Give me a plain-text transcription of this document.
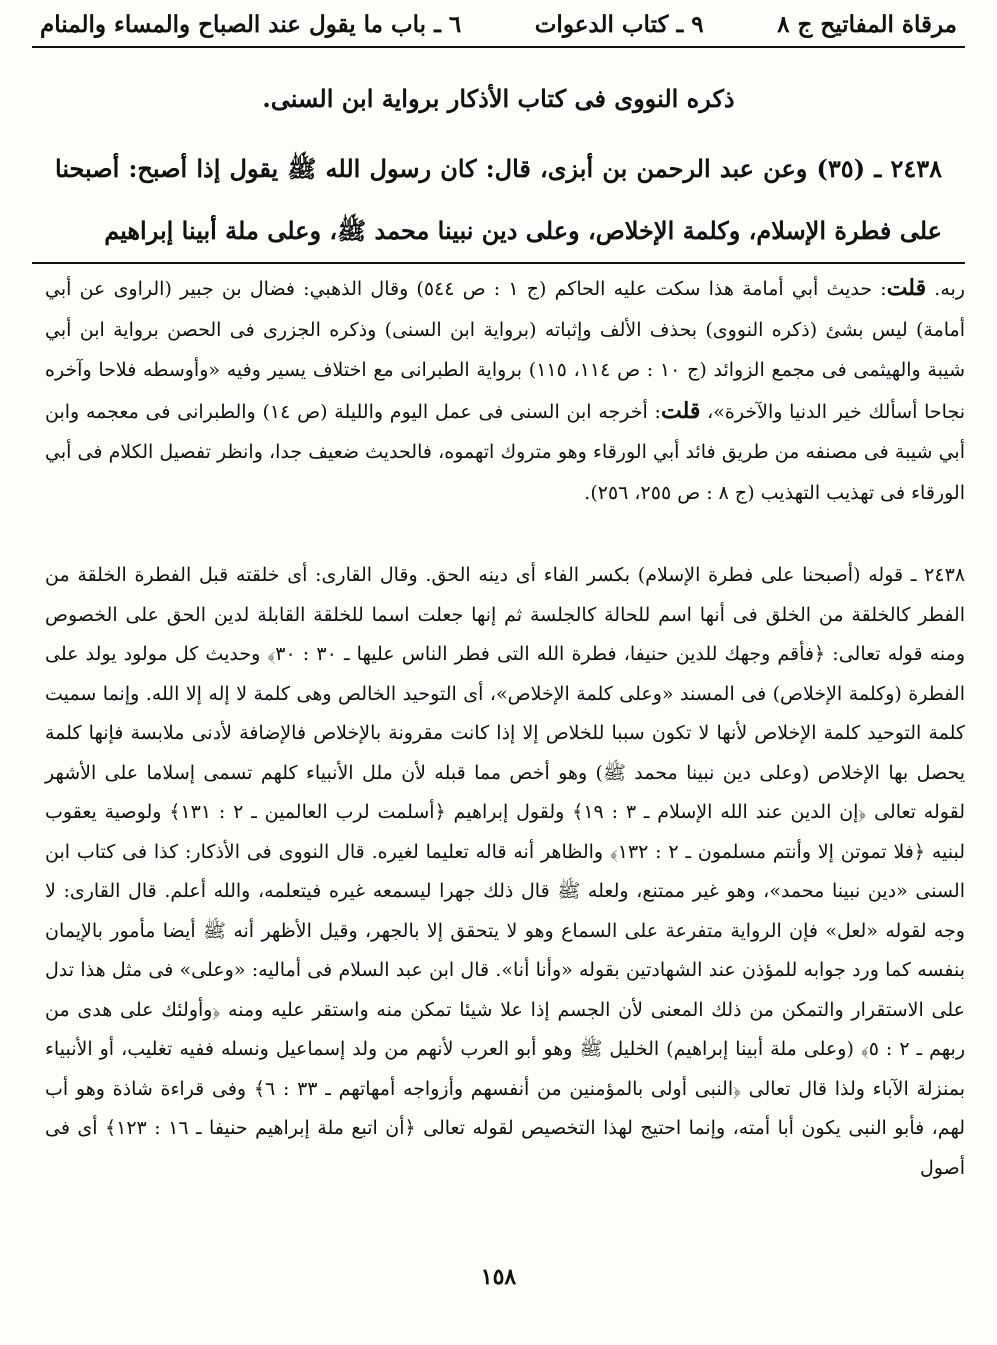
مرقاة المفاتيح ج ٨
٩ ـ كتاب الدعوات
٦ ـ باب ما يقول عند الصباح والمساء والمنام

ذكره النووى فى كتاب الأذكار برواية ابن السنى.

٢٤٣٨ ـ (٣٥) وعن عبد الرحمن بن أبزى، قال: كان رسول الله ﷺ يقول إذا أصبح: أصبحنا على فطرة الإسلام، وكلمة الإخلاص، وعلى دين نبينا محمد ﷺ، وعلى ملة أبينا إبراهيم

ربه. قلت: حديث أبي أمامة هذا سكت عليه الحاكم (ج ١ : ص ٥٤٤) وقال الذهبي: فضال بن جبير (الراوى عن أبي أمامة) ليس بشئ (ذكره النووى) بحذف الألف وإثباته (برواية ابن السنى) وذكره الجزرى فى الحصن برواية ابن أبي شيبة والهيثمى فى مجمع الزوائد (ج ١٠ : ص ١١٤، ١١٥) برواية الطبرانى مع اختلاف يسير وفيه «وأوسطه فلاحا وآخره نجاحا أسألك خير الدنيا والآخرة»، قلت: أخرجه ابن السنى فى عمل اليوم والليلة (ص ١٤) والطبرانى فى معجمه وابن أبي شيبة فى مصنفه من طريق فائد أبي الورقاء وهو متروك اتهموه، فالحديث ضعيف جدا، وانظر تفصيل الكلام فى أبي الورقاء فى تهذيب التهذيب (ج ٨ : ص ٢٥٥، ٢٥٦).

٢٤٣٨ ـ قوله (أصبحنا على فطرة الإسلام) بكسر الفاء أى دينه الحق. وقال القارى: أى خلقته قبل الفطرة الخلقة من الفطر كالخلقة من الخلق فى أنها اسم للحالة كالجلسة ثم إنها جعلت اسما للخلقة القابلة لدين الحق على الخصوص ومنه قوله تعالى: ﴿فأقم وجهك للدين حنيفا، فطرة الله التى فطر الناس عليها ـ ٣٠ : ٣٠﴾ وحديث كل مولود يولد على الفطرة (وكلمة الإخلاص) فى المسند «وعلى كلمة الإخلاص»، أى التوحيد الخالص وهى كلمة لا إله إلا الله. وإنما سميت كلمة التوحيد كلمة الإخلاص لأنها لا تكون سببا للخلاص إلا إذا كانت مقرونة بالإخلاص فالإضافة لأدنى ملابسة فإنها كلمة يحصل بها الإخلاص (وعلى دين نبينا محمد ﷺ) وهو أخص مما قبله لأن ملل الأنبياء كلهم تسمى إسلاما على الأشهر لقوله تعالى ﴿إن الدين عند الله الإسلام ـ ٣ : ١٩﴾ ولقول إبراهيم ﴿أسلمت لرب العالمين ـ ٢ : ١٣١﴾ ولوصية يعقوب لبنيه ﴿فلا تموتن إلا وأنتم مسلمون ـ ٢ : ١٣٢﴾ والظاهر أنه قاله تعليما لغيره. قال النووى فى الأذكار: كذا فى كتاب ابن السنى «دين نبينا محمد»، وهو غير ممتنع، ولعله ﷺ قال ذلك جهرا ليسمعه غيره فيتعلمه، والله أعلم. قال القارى: لا وجه لقوله «لعل» فإن الرواية متفرعة على السماع وهو لا يتحقق إلا بالجهر، وقيل الأظهر أنه ﷺ أيضا مأمور بالإيمان بنفسه كما ورد جوابه للمؤذن عند الشهادتين بقوله «وأنا أنا». قال ابن عبد السلام فى أماليه: «وعلى» فى مثل هذا تدل على الاستقرار والتمكن من ذلك المعنى لأن الجسم إذا علا شيئا تمكن منه واستقر عليه ومنه ﴿وأولئك على هدى من ربهم ـ ٢ : ٥﴾ (وعلى ملة أبينا إبراهيم) الخليل ﷺ وهو أبو العرب لأنهم من ولد إسماعيل ونسله ففيه تغليب، أو الأنبياء بمنزلة الآباء ولذا قال تعالى ﴿النبى أولى بالمؤمنين من أنفسهم وأزواجه أمهاتهم ـ ٣٣ : ٦﴾ وفى قراءة شاذة وهو أب لهم، فأبو النبى يكون أبا أمته، وإنما احتيج لهذا التخصيص لقوله تعالى ﴿أن اتبع ملة إبراهيم حنيفا ـ ١٦ : ١٢٣﴾ أى فى أصول

١٥٨
